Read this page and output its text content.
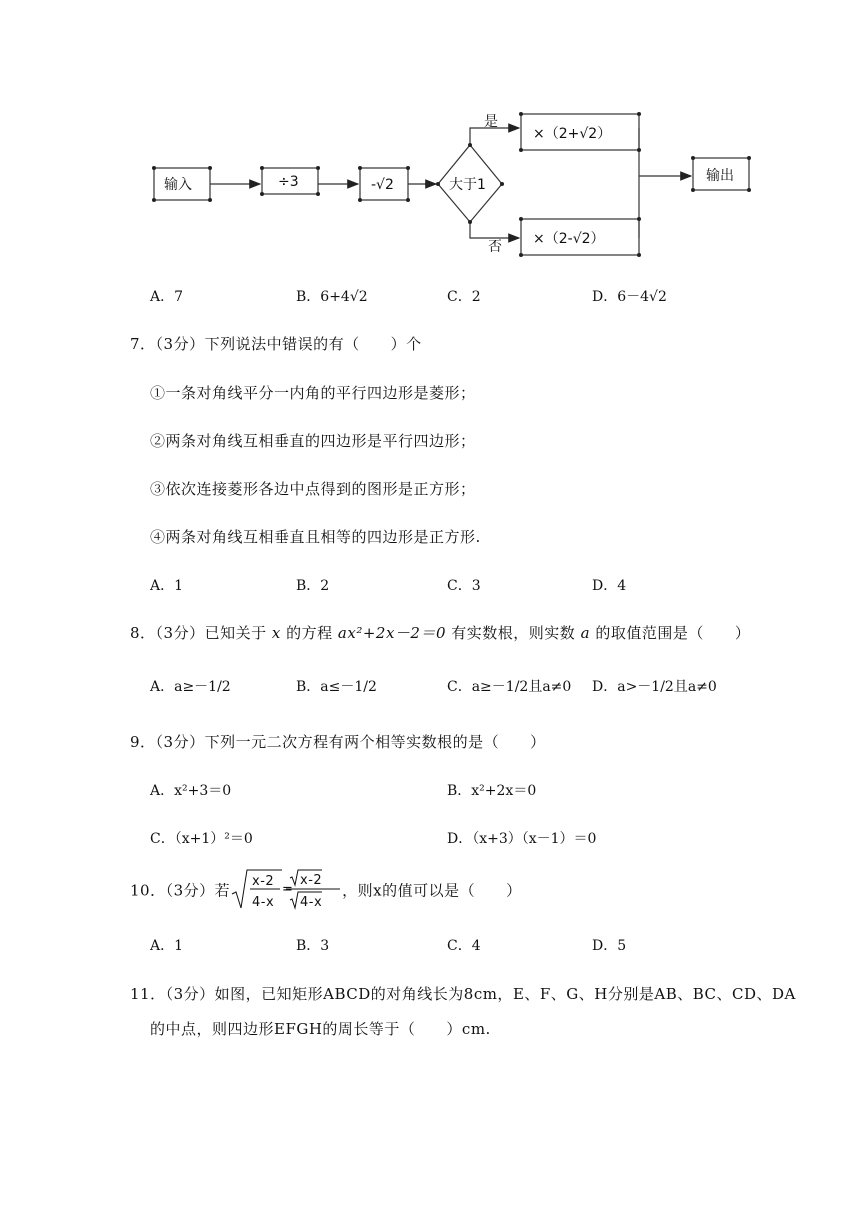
输入	÷3	-√2	大于1
是
否
×（2+√2）
×（2-√2）
输出
A．7	B．6+4√2	C．2	D．6－4√2
7．（3分）下列说法中错误的有（　　）个
①一条对角线平分一内角的平行四边形是菱形；
②两条对角线互相垂直的四边形是平行四边形；
③依次连接菱形各边中点得到的图形是正方形；
④两条对角线互相垂直且相等的四边形是正方形.
A．1	B．2	C．3	D．4
8．（3分）已知关于 x 的方程 ax²+2x－2＝0 有实数根，则实数 a 的取值范围是（　　）
A．a≥－1/2	B．a≤－1/2	C．a≥－1/2且a≠0 D．a>－1/2且a≠0
9．（3分）下列一元二次方程有两个相等实数根的是（　　）
A．x²+3＝0	B．x²+2x＝0
C．（x+1）²＝0	D．（x+3）（x－1）＝0
10．（3分）若 x-2
4-x
x-2
4-x
=	，则x的值可以是（　　）
A．1	B．3	C．4	D．5
11．（3分）如图，已知矩形ABCD的对角线长为8cm，E、F、G、H分别是AB、BC、CD、DA
的中点，则四边形EFGH的周长等于（　　）cm.
